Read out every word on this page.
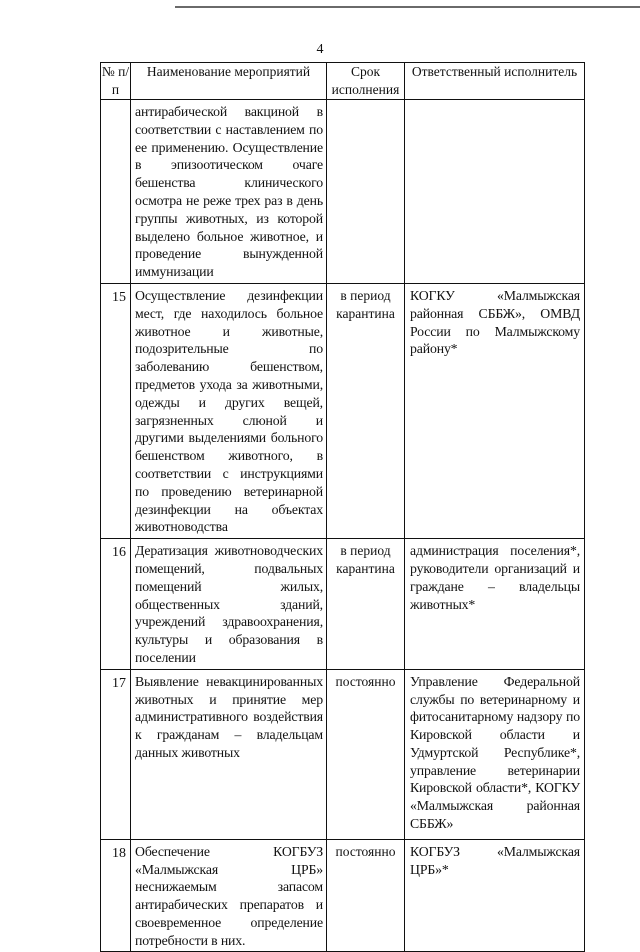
4
№ п/п	Наименование мероприятий	Срок исполнения	Ответственный исполнитель
	антирабической вакциной в соответствии с наставлением по ее применению. Осуществление в эпизоотическом очаге бешенства клинического осмотра не реже трех раз в день группы животных, из которой выделено больное животное, и проведение вынужденной иммунизации		
15	Осуществление дезинфекции мест, где находилось больное животное и животные, подозрительные по заболеванию бешенством, предметов ухода за животными, одежды и других вещей, загрязненных слюной и другими выделениями больного бешенством животного, в соответствии с инструкциями по проведению ветеринарной дезинфекции на объектах животноводства	в период карантина	КОГКУ «Малмыжская районная СББЖ», ОМВД России по Малмыжскому району*
16	Дератизация животноводческих помещений, подвальных помещений жилых, общественных зданий, учреждений здравоохранения, культуры и образования в поселении	в период карантина	администрация поселения*, руководители организаций и граждане – владельцы животных*
17	Выявление невакцинированных животных и принятие мер административного воздействия к гражданам – владельцам данных животных	постоянно	Управление Федеральной службы по ветеринарному и фитосанитарному надзору по Кировской области и Удмуртской Республике*, управление ветеринарии Кировской области*, КОГКУ «Малмыжская районная СББЖ»
18	Обеспечение КОГБУЗ «Малмыжская ЦРБ» неснижаемым запасом антирабических препаратов и своевременное определение потребности в них.	постоянно	КОГБУЗ «Малмыжская ЦРБ»*
